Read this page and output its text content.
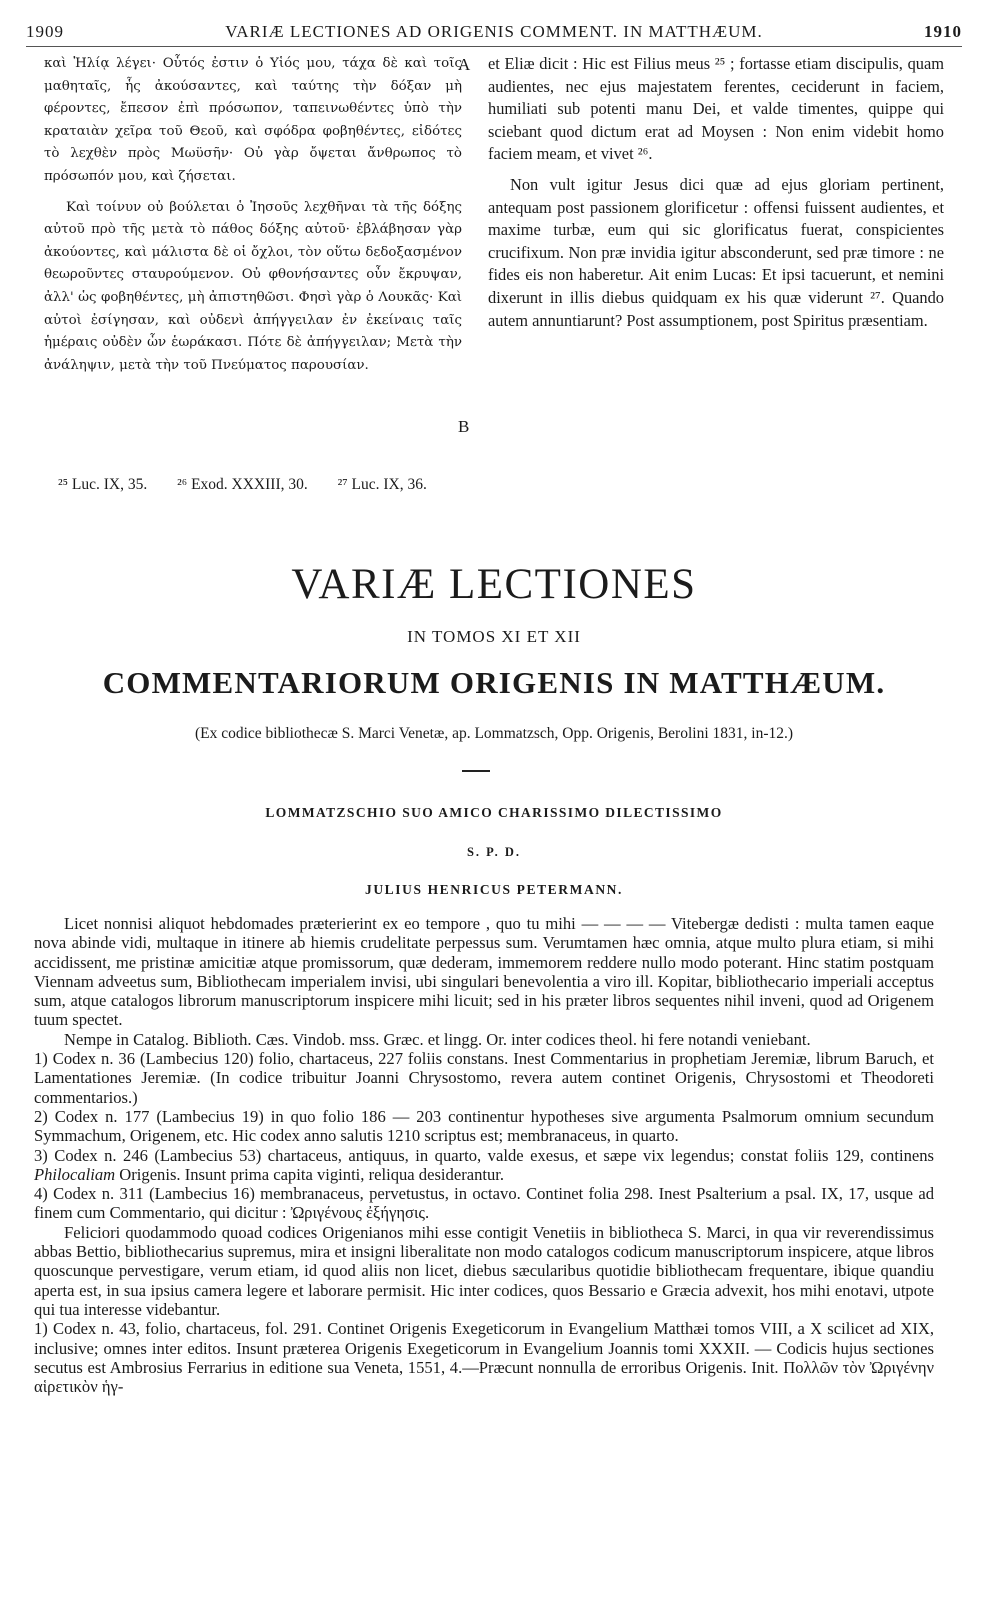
1909	VARIÆ LECTIONES AD ORIGENIS COMMENT. IN MATTHÆUM.	1910

καὶ Ἠλίᾳ λέγει· Οὗτός ἐστιν ὁ Υἱός μου, τάχα δὲ καὶ τοῖς μαθηταῖς, ἧς ἀκούσαντες, καὶ ταύτης τὴν δόξαν μὴ φέροντες, ἔπεσον ἐπὶ πρόσωπον, ταπεινωθέντες ὑπὸ τὴν κραταιὰν χεῖρα τοῦ Θεοῦ, καὶ σφόδρα φοβηθέντες, εἰδότες τὸ λεχθὲν πρὸς Μωϋσῆν· Οὐ γὰρ ὄψεται ἄνθρωπος τὸ πρόσωπόν μου, καὶ ζήσεται.

Καὶ τοίνυν οὐ βούλεται ὁ Ἰησοῦς λεχθῆναι τὰ τῆς δόξης αὐτοῦ πρὸ τῆς μετὰ τὸ πάθος δόξης αὐτοῦ· ἐβλάβησαν γὰρ ἀκούοντες, καὶ μάλιστα δὲ οἱ ὄχλοι, τὸν οὕτω δεδοξασμένον θεωροῦντες σταυρούμενον. Οὐ φθονήσαντες οὖν ἔκρυψαν, ἀλλ' ὡς φοβηθέντες, μὴ ἀπιστηθῶσι. Φησὶ γὰρ ὁ Λουκᾶς· Καὶ αὐτοὶ ἐσίγησαν, καὶ οὐδενὶ ἀπήγγειλαν ἐν ἐκείναις ταῖς ἡμέραις οὐδὲν ὧν ἑωράκασι. Πότε δὲ ἀπήγγειλαν; Μετὰ τὴν ἀνάληψιν, μετὰ τὴν τοῦ Πνεύματος παρουσίαν.

A
B

et Eliæ dicit : Hic est Filius meus ²⁵ ; fortasse etiam discipulis, quam audientes, nec ejus majestatem ferentes, ceciderunt in faciem, humiliati sub potenti manu Dei, et valde timentes, quippe qui sciebant quod dictum erat ad Moysen : Non enim videbit homo faciem meam, et vivet ²⁶.

Non vult igitur Jesus dici quæ ad ejus gloriam pertinent, antequam post passionem glorificetur : offensi fuissent audientes, et maxime turbæ, eum qui sic glorificatus fuerat, conspicientes crucifixum. Non præ invidia igitur absconderunt, sed præ timore : ne fides eis non haberetur. Ait enim Lucas: Et ipsi tacuerunt, et nemini dixerunt in illis diebus quidquam ex his quæ viderunt ²⁷. Quando autem annuntiarunt? Post assumptionem, post Spiritus præsentiam.

²⁵ Luc. IX, 35. ²⁶ Exod. XXXIII, 30. ²⁷ Luc. IX, 36.
VARIÆ LECTIONES
IN TOMOS XI ET XII
COMMENTARIORUM ORIGENIS IN MATTHÆUM.
(Ex codice bibliothecæ S. Marci Venetæ, ap. Lommatzsch, Opp. Origenis, Berolini 1831, in-12.)
LOMMATZSCHIO SUO AMICO CHARISSIMO DILECTISSIMO
S. P. D.
JULIUS HENRICUS PETERMANN.

Licet nonnisi aliquot hebdomades præterierint ex eo tempore , quo tu mihi — — — — Vitebergæ dedisti : multa tamen eaque nova abinde vidi, multaque in itinere ab hiemis crudelitate perpessus sum. Verumtamen hæc omnia, atque multo plura etiam, si mihi accidissent, me pristinæ amicitiæ atque promissorum, quæ dederam, immemorem reddere nullo modo poterant. Hinc statim postquam Viennam adveetus sum, Bibliothecam imperialem invisi, ubi singulari benevolentia a viro ill. Kopitar, bibliothecario imperiali acceptus sum, atque catalogos librorum manuscriptorum inspicere mihi licuit; sed in his præter libros sequentes nihil inveni, quod ad Origenem tuum spectet.

Nempe in Catalog. Biblioth. Cæs. Vindob. mss. Græc. et lingg. Or. inter codices theol. hi fere notandi veniebant.

1) Codex n. 36 (Lambecius 120) folio, chartaceus, 227 foliis constans. Inest Commentarius in prophetiam Jeremiæ, librum Baruch, et Lamentationes Jeremiæ. (In codice tribuitur Joanni Chrysostomo, revera autem continet Origenis, Chrysostomi et Theodoreti commentarios.)

2) Codex n. 177 (Lambecius 19) in quo folio 186 — 203 continentur hypotheses sive argumenta Psalmorum omnium secundum Symmachum, Origenem, etc. Hic codex anno salutis 1210 scriptus est; membranaceus, in quarto.

3) Codex n. 246 (Lambecius 53) chartaceus, antiquus, in quarto, valde exesus, et sæpe vix legendus; constat foliis 129, continens Philocaliam Origenis. Insunt prima capita viginti, reliqua desiderantur.

4) Codex n. 311 (Lambecius 16) membranaceus, pervetustus, in octavo. Continet folia 298. Inest Psalterium a psal. IX, 17, usque ad finem cum Commentario, qui dicitur : Ὠριγένους ἐξήγησις.

Feliciori quodammodo quoad codices Origenianos mihi esse contigit Venetiis in bibliotheca S. Marci, in qua vir reverendissimus abbas Bettio, bibliothecarius supremus, mira et insigni liberalitate non modo catalogos codicum manuscriptorum inspicere, atque libros quoscunque pervestigare, verum etiam, id quod aliis non licet, diebus sæcularibus quotidie bibliothecam frequentare, ibique quandiu aperta est, in sua ipsius camera legere et laborare permisit. Hic inter codices, quos Bessario e Græcia advexit, hos mihi enotavi, utpote qui tua interesse videbantur.

1) Codex n. 43, folio, chartaceus, fol. 291. Continet Origenis Exegeticorum in Evangelium Matthæi tomos VIII, a X scilicet ad XIX, inclusive; omnes inter editos. Insunt præterea Origenis Exegeticorum in Evangelium Joannis tomi XXXII. — Codicis hujus sectiones secutus est Ambrosius Ferrarius in editione sua Veneta, 1551, 4.—Præcunt nonnulla de erroribus Origenis. Init. Πολλῶν τὸν Ὠριγένην αἱρετικὸν ἡγ-
